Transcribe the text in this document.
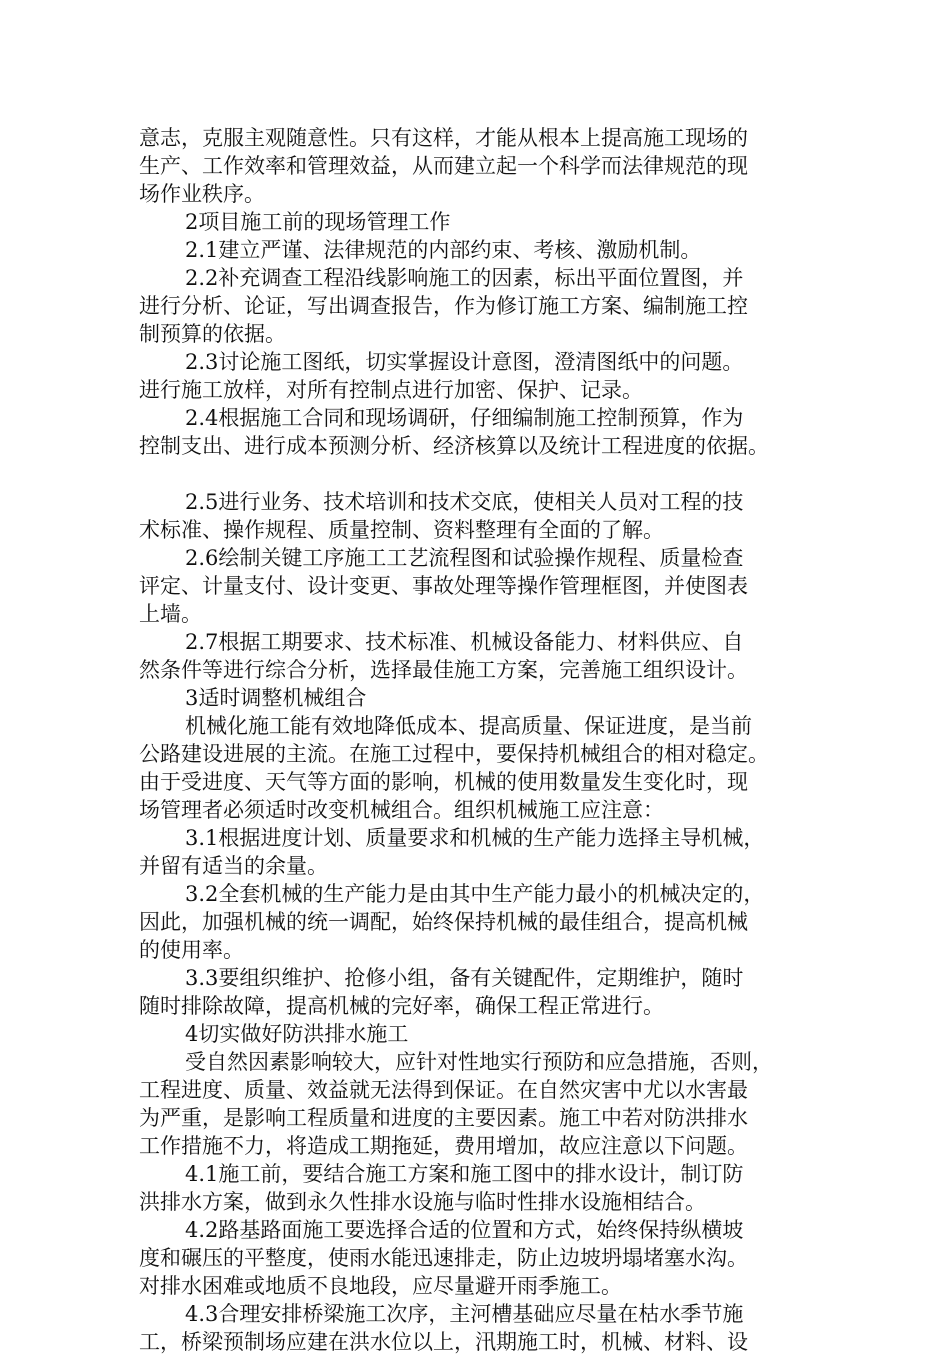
意志，克服主观随意性。只有这样，才能从根本上提高施工现场的
生产、工作效率和管理效益，从而建立起一个科学而法律规范的现
场作业秩序。
2项目施工前的现场管理工作
2.1建立严谨、法律规范的内部约束、考核、激励机制。
2.2补充调查工程沿线影响施工的因素，标出平面位置图，并
进行分析、论证，写出调查报告，作为修订施工方案、编制施工控
制预算的依据。
2.3讨论施工图纸，切实掌握设计意图，澄清图纸中的问题。
进行施工放样，对所有控制点进行加密、保护、记录。
2.4根据施工合同和现场调研，仔细编制施工控制预算，作为
控制支出、进行成本预测分析、经济核算以及统计工程进度的依据。
2.5进行业务、技术培训和技术交底，使相关人员对工程的技
术标准、操作规程、质量控制、资料整理有全面的了解。
2.6绘制关键工序施工工艺流程图和试验操作规程、质量检查
评定、计量支付、设计变更、事故处理等操作管理框图，并使图表
上墙。
2.7根据工期要求、技术标准、机械设备能力、材料供应、自
然条件等进行综合分析，选择最佳施工方案，完善施工组织设计。
3适时调整机械组合
机械化施工能有效地降低成本、提高质量、保证进度，是当前
公路建设进展的主流。在施工过程中，要保持机械组合的相对稳定。
由于受进度、天气等方面的影响，机械的使用数量发生变化时，现
场管理者必须适时改变机械组合。组织机械施工应注意：
3.1根据进度计划、质量要求和机械的生产能力选择主导机械，
并留有适当的余量。
3.2全套机械的生产能力是由其中生产能力最小的机械决定的，
因此，加强机械的统一调配，始终保持机械的最佳组合，提高机械
的使用率。
3.3要组织维护、抢修小组，备有关键配件，定期维护，随时
随时排除故障，提高机械的完好率，确保工程正常进行。
4切实做好防洪排水施工
受自然因素影响较大，应针对性地实行预防和应急措施，否则，
工程进度、质量、效益就无法得到保证。在自然灾害中尤以水害最
为严重，是影响工程质量和进度的主要因素。施工中若对防洪排水
工作措施不力，将造成工期拖延，费用增加，故应注意以下问题。
4.1施工前，要结合施工方案和施工图中的排水设计，制订防
洪排水方案，做到永久性排水设施与临时性排水设施相结合。
4.2路基路面施工要选择合适的位置和方式，始终保持纵横坡
度和碾压的平整度，使雨水能迅速排走，防止边坡坍塌堵塞水沟。
对排水困难或地质不良地段，应尽量避开雨季施工。
4.3合理安排桥梁施工次序，主河槽基础应尽量在枯水季节施
工，桥梁预制场应建在洪水位以上，汛期施工时，机械、材料、设
